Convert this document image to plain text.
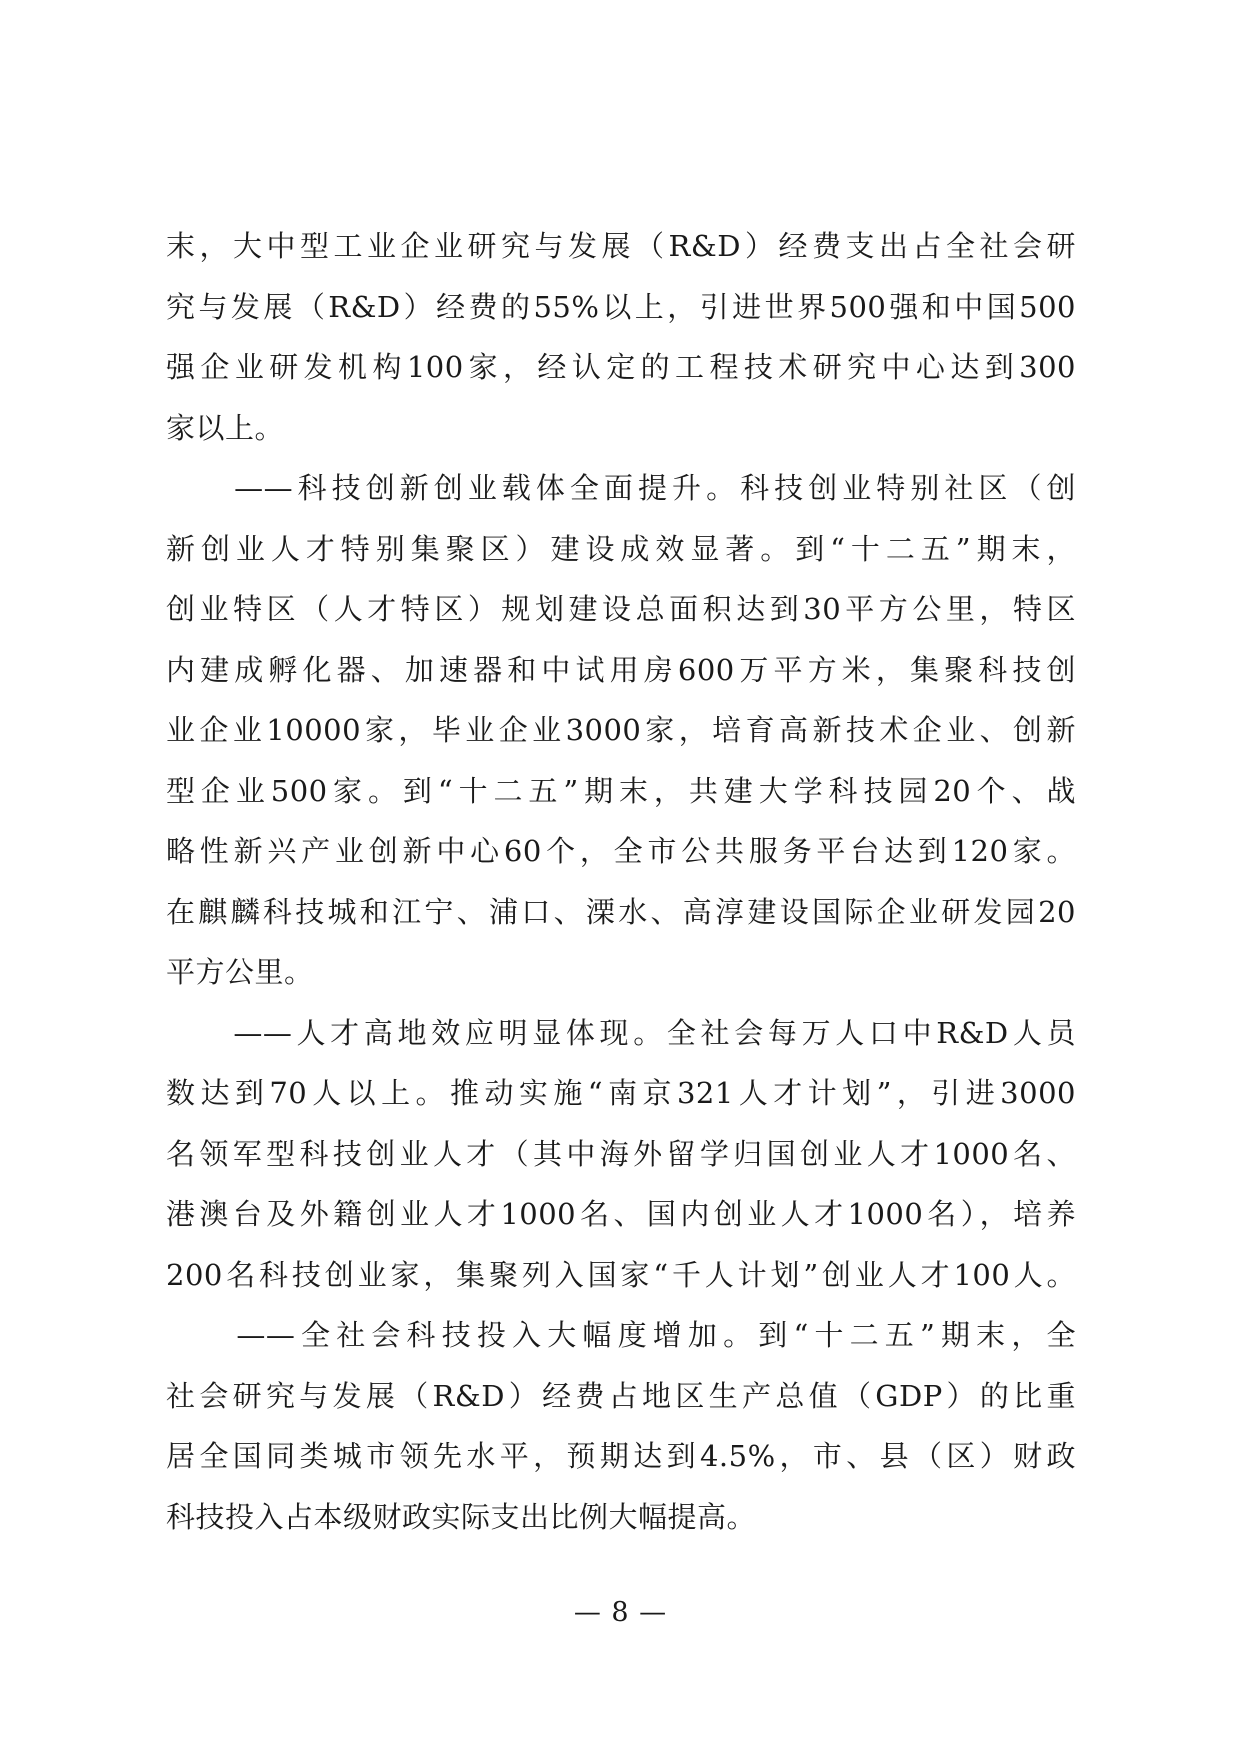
末，大中型工业企业研究与发展（R&D）经费支出占全社会研
究与发展（R&D）经费的55%以上，引进世界500强和中国500
强企业研发机构100家，经认定的工程技术研究中心达到300
家以上。
　　——科技创新创业载体全面提升。科技创业特别社区（创
新创业人才特别集聚区）建设成效显著。到“十二五”期末，
创业特区（人才特区）规划建设总面积达到30平方公里，特区
内建成孵化器、加速器和中试用房600万平方米，集聚科技创
业企业10000家，毕业企业3000家，培育高新技术企业、创新
型企业500家。到“十二五”期末，共建大学科技园20个、战
略性新兴产业创新中心60个，全市公共服务平台达到120家。
在麒麟科技城和江宁、浦口、溧水、高淳建设国际企业研发园20
平方公里。
　　——人才高地效应明显体现。全社会每万人口中R&D人员
数达到70人以上。推动实施“南京321人才计划”，引进3000
名领军型科技创业人才（其中海外留学归国创业人才1000名、
港澳台及外籍创业人才1000名、国内创业人才1000名），培养
200名科技创业家，集聚列入国家“千人计划”创业人才100人。
　　——全社会科技投入大幅度增加。到“十二五”期末，全
社会研究与发展（R&D）经费占地区生产总值（GDP）的比重
居全国同类城市领先水平，预期达到4.5%，市、县（区）财政
科技投入占本级财政实际支出比例大幅提高。
— 8 —
